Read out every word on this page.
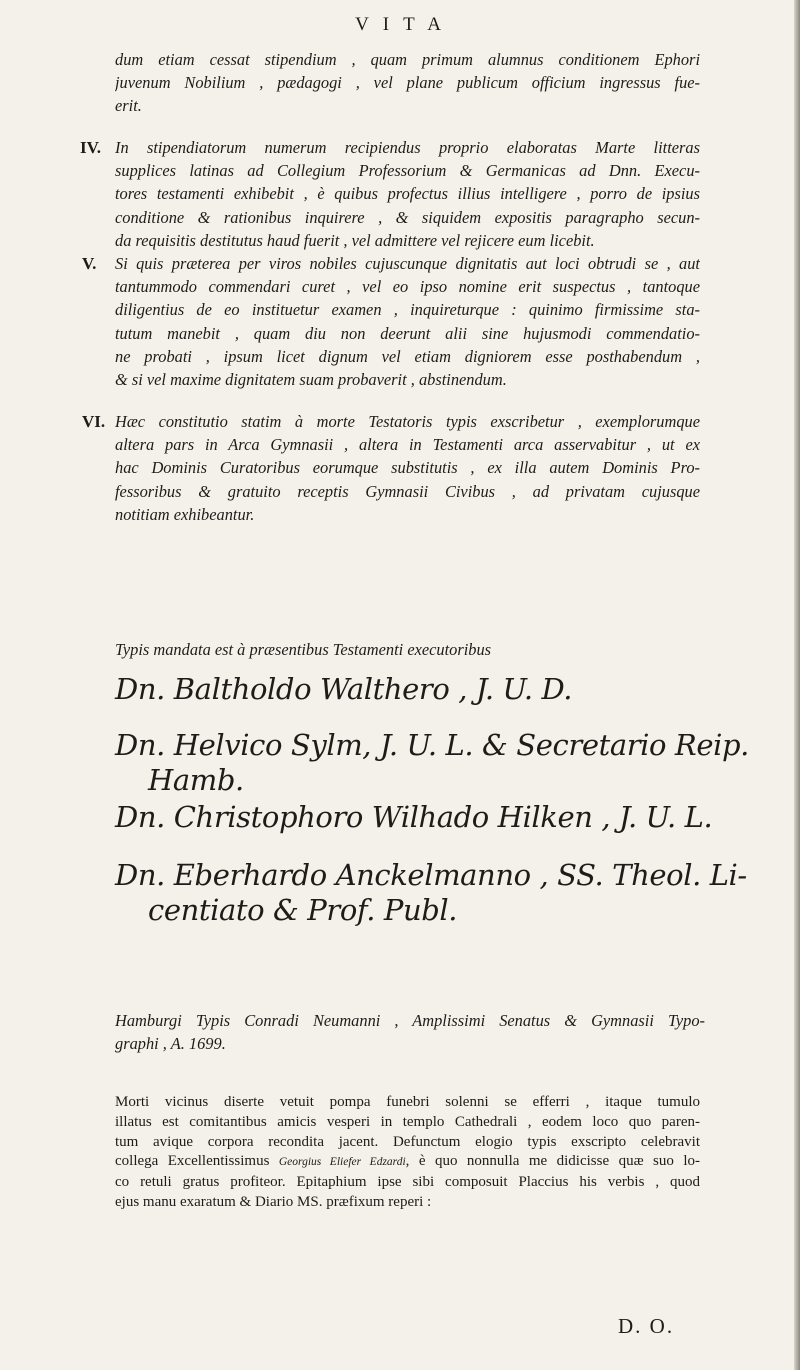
VITA
dum etiam cessat stipendium , quam primum alumnus conditionem Ephori
juvenum Nobilium , pædagogi , vel plane publicum officium ingressus fue-
erit.
IV. In stipendiatorum numerum recipiendus proprio elaboratas Marte litteras
supplices latinas ad Collegium Professorium & Germanicas ad Dnn. Execu-
tores testamenti exhibebit , è quibus profectus illius intelligere , porro de ipsius
conditione & rationibus inquirere , & siquidem expositis paragrapho secun-
da requisitis destitutus haud fuerit , vel admittere vel rejicere eum licebit.
V. Si quis præterea per viros nobiles cujuscunque dignitatis aut loci obtrudi se , aut
tantummodo commendari curet , vel eo ipso nomine erit suspectus , tantoque
diligentius de eo instituetur examen , inquireturque : quinimo firmissime sta-
tutum manebit , quam diu non deerunt alii sine hujusmodi commendatio-
ne probati , ipsum licet dignum vel etiam digniorem esse posthabendum ,
& si vel maxime dignitatem suam probaverit , abstinendum.
VI. Hæc constitutio statim à morte Testatoris typis exscribetur , exemplorumque
altera pars in Arca Gymnasii , altera in Testamenti arca asservabitur , ut ex
hac Dominis Curatoribus eorumque substitutis , ex illa autem Dominis Pro-
fessoribus & gratuito receptis Gymnasii Civibus , ad privatam cujusque
notitiam exhibeantur.
Typis mandata est à præsentibus Testamenti executoribus
Dn. Baltholdo Walthero , J. U. D.
Dn. Helvico Sylm, J. U. L. & Secretario Reip.
Hamb.
Dn. Christophoro Wilhado Hilken , J. U. L.
Dn. Eberhardo Anckelmanno , SS. Theol. Li-
centiato & Prof. Publ.
Hamburgi Typis Conradi Neumanni , Amplissimi Senatus & Gymnasii Typo-
graphi , A. 1699.
Morti vicinus diserte vetuit pompa funebri solenni se efferri , itaque tumulo
illatus est comitantibus amicis vesperi in templo Cathedrali , eodem loco quo paren-
tum avique corpora recondita jacent. Defunctum elogio typis exscripto celebravit
collega Excellentissimus Georgius Eliefer Edzardi, è quo nonnulla me didicisse quæ suo lo-
co retuli gratus profiteor. Epitaphium ipse sibi composuit Placcius his verbis , quod
ejus manu exaratum & Diario MS. præfixum reperi :
D. O.
